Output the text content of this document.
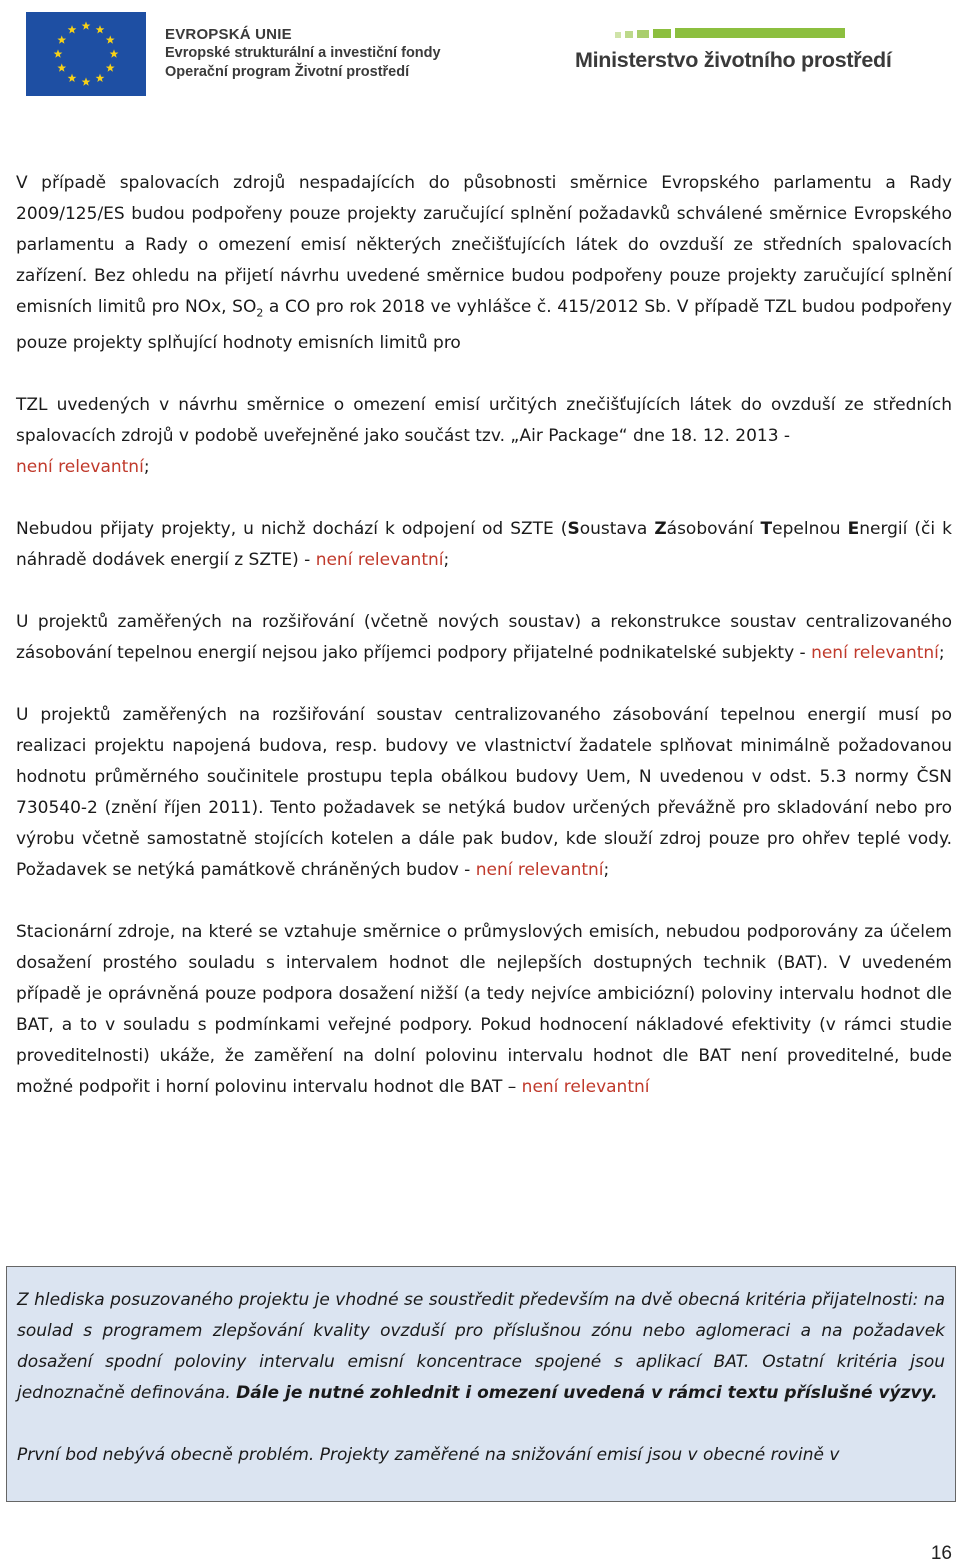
EVROPSKÁ UNIE
Evropské strukturální a investiční fondy
Operační program Životní prostředí	Ministerstvo životního prostředí

V případě spalovacích zdrojů nespadajících do působnosti směrnice Evropského parlamentu a Rady 2009/125/ES budou podpořeny pouze projekty zaručující splnění požadavků schválené směrnice Evropského parlamentu a Rady o omezení emisí některých znečišťujících látek do ovzduší ze středních spalovacích zařízení. Bez ohledu na přijetí návrhu uvedené směrnice budou podpořeny pouze projekty zaručující splnění emisních limitů pro NOx, $SO_2$ a CO pro rok 2018 ve vyhlášce č. 415/2012 Sb. V případě TZL budou podpořeny pouze projekty splňující hodnoty emisních limitů pro

TZL uvedených v návrhu směrnice o omezení emisí určitých znečišťujících látek do ovzduší ze středních spalovacích zdrojů v podobě uveřejněné jako součást tzv. „Air Package“ dne 18. 12. 2013 -
není relevantní;

Nebudou přijaty projekty, u nichž dochází k odpojení od SZTE (Soustava Zásobování Tepelnou Energií (či k náhradě dodávek energií z SZTE) - není relevantní;

U projektů zaměřených na rozšiřování (včetně nových soustav) a rekonstrukce soustav centralizovaného zásobování tepelnou energií nejsou jako příjemci podpory přijatelné podnikatelské subjekty - není relevantní;

U projektů zaměřených na rozšiřování soustav centralizovaného zásobování tepelnou energií musí po realizaci projektu napojená budova, resp. budovy ve vlastnictví žadatele splňovat minimálně požadovanou hodnotu průměrného součinitele prostupu tepla obálkou budovy Uem, N uvedenou v odst. 5.3 normy ČSN 730540-2 (znění říjen 2011). Tento požadavek se netýká budov určených převážně pro skladování nebo pro výrobu včetně samostatně stojících kotelen a dále pak budov, kde slouží zdroj pouze pro ohřev teplé vody. Požadavek se netýká památkově chráněných budov - není relevantní;

Stacionární zdroje, na které se vztahuje směrnice o průmyslových emisích, nebudou podporovány za účelem dosažení prostého souladu s intervalem hodnot dle nejlepších dostupných technik (BAT). V uvedeném případě je oprávněná pouze podpora dosažení nižší (a tedy nejvíce ambiciózní) poloviny intervalu hodnot dle BAT, a to v souladu s podmínkami veřejné podpory. Pokud hodnocení nákladové efektivity (v rámci studie proveditelnosti) ukáže, že zaměření na dolní polovinu intervalu hodnot dle BAT není proveditelné, bude možné podpořit i horní polovinu intervalu hodnot dle BAT – není relevantní

Z hlediska posuzovaného projektu je vhodné se soustředit především na dvě obecná kritéria přijatelnosti: na soulad s programem zlepšování kvality ovzduší pro příslušnou zónu nebo aglomeraci a na požadavek dosažení spodní poloviny intervalu emisní koncentrace spojené s aplikací BAT. Ostatní kritéria jsou jednoznačně definována. Dále je nutné zohlednit i omezení uvedená v rámci textu příslušné výzvy.

První bod nebývá obecně problém. Projekty zaměřené na snižování emisí jsou v obecné rovině v

16
